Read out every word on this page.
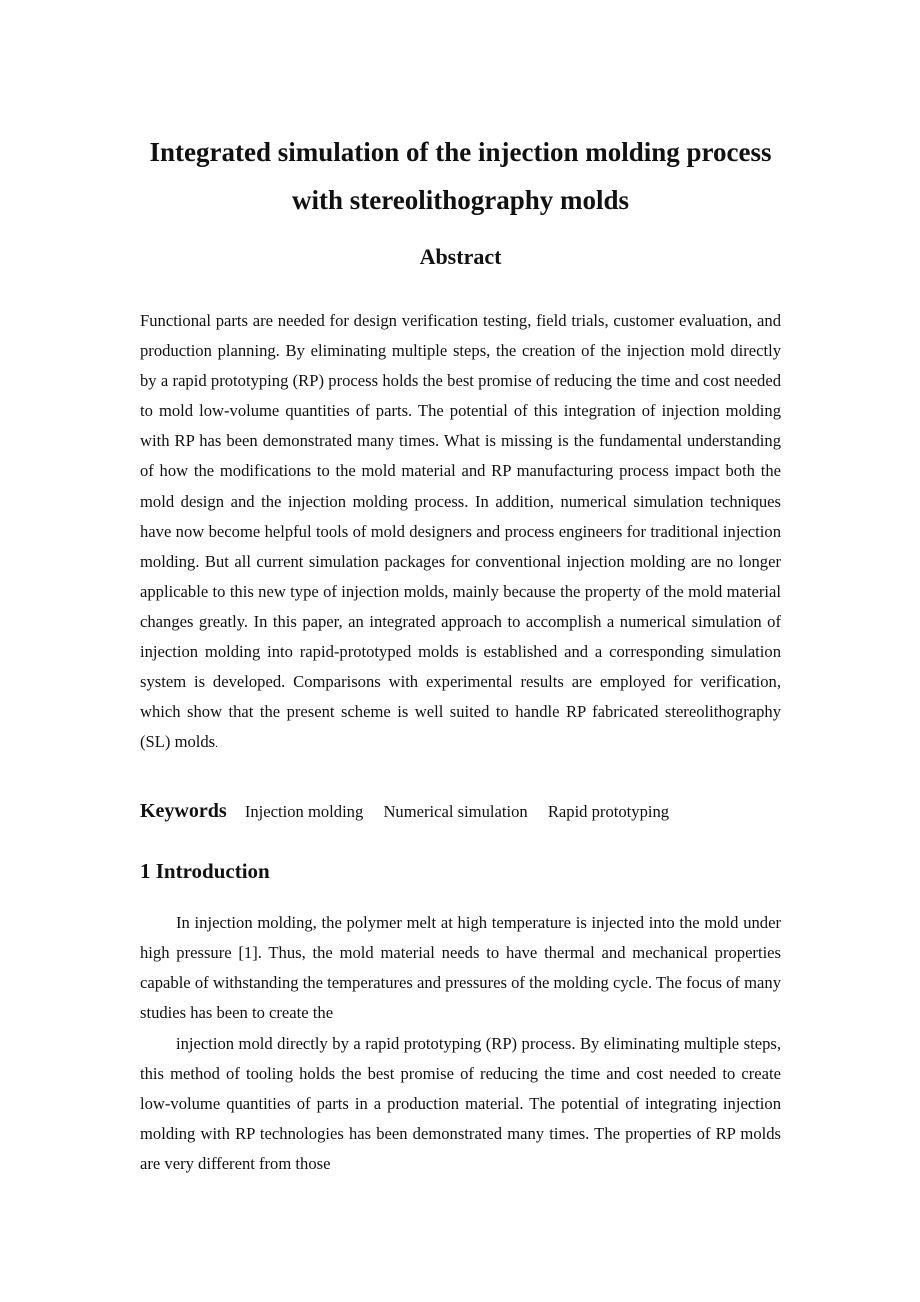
Integrated simulation of the injection molding process with stereolithography molds
Abstract

Functional parts are needed for design verification testing, field trials, customer evaluation, and production planning. By eliminating multiple steps, the creation of the injection mold directly by a rapid prototyping (RP) process holds the best promise of reducing the time and cost needed to mold low-volume quantities of parts. The potential of this integration of injection molding with RP has been demonstrated many times. What is missing is the fundamental understanding of how the modifications to the mold material and RP manufacturing process impact both the mold design and the injection molding process. In addition, numerical simulation techniques have now become helpful tools of mold designers and process engineers for traditional injection molding. But all current simulation packages for conventional injection molding are no longer applicable to this new type of injection molds, mainly because the property of the mold material changes greatly. In this paper, an integrated approach to accomplish a numerical simulation of injection molding into rapid-prototyped molds is established and a corresponding simulation system is developed. Comparisons with experimental results are employed for verification, which show that the present scheme is well suited to handle RP fabricated stereolithography (SL) molds.

Keywords Injection molding Numerical simulation Rapid prototyping

1 Introduction

In injection molding, the polymer melt at high temperature is injected into the mold under high pressure [1]. Thus, the mold material needs to have thermal and mechanical properties capable of withstanding the temperatures and pressures of the molding cycle. The focus of many studies has been to create the

injection mold directly by a rapid prototyping (RP) process. By eliminating multiple steps, this method of tooling holds the best promise of reducing the time and cost needed to create low-volume quantities of parts in a production material. The potential of integrating injection molding with RP technologies has been demonstrated many times. The properties of RP molds are very different from those
